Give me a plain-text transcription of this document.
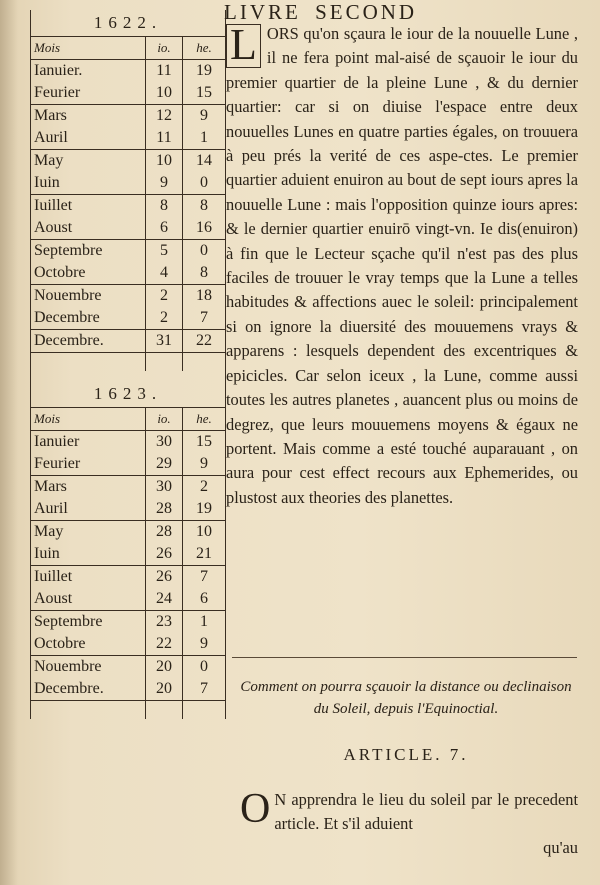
1622.
Mois	io.	he.
Ianuier.	11	19
Feurier	10	15
Mars	12	9
Auril	11	1
May	10	14
Iuin	9	0
Iuillet	8	8
Aoust	6	16
Septembre	5	0
Octobre	4	8
Nouembre	2	18
Decembre	2	7
Decembre.	31	22

1623.
Mois	io.	he.
Ianuier	30	15
Feurier	29	9
Mars	30	2
Auril	28	19
May	28	10
Iuin	26	21
Iuillet	26	7
Aoust	24	6
Septembre	23	1
Octobre	22	9
Nouembre	20	0
Decembre.	20	7

LIVRE SECOND
L ORS qu'on sçaura le iour de la nouuelle Lune , il ne fera point mal-aisé de sçauoir le iour du premier quartier de la pleine Lune , & du dernier quartier: car si on diuise l'espace entre deux nouuelles Lunes en quatre parties égales, on trouuera à peu prés la verité de ces aspe-ctes. Le premier quartier aduient enuiron au bout de sept iours apres la nouuelle Lune : mais l'opposition quinze iours apres: & le dernier quartier enuirō vingt-vn. Ie dis(enuiron) à fin que le Lecteur sçache qu'il n'est pas des plus faciles de trouuer le vray temps que la Lune a telles habitudes & affections auec le soleil: principalement si on ignore la diuersité des mouuemens vrays & apparens : lesquels dependent des excentriques & epicicles. Car selon iceux , la Lune, comme aussi toutes les autres planetes , auancent plus ou moins de degrez, que leurs mouuemens moyens & égaux ne portent. Mais comme a esté touché auparauant , on aura pour cest effect recours aux Ephemerides, ou plustost aux theories des planettes.
Comment on pourra sçauoir la distance ou declinaison du Soleil, depuis l'Equinoctial.
ARTICLE. 7.
O N apprendra le lieu du soleil par le precedent article. Et s'il aduient
qu'au
